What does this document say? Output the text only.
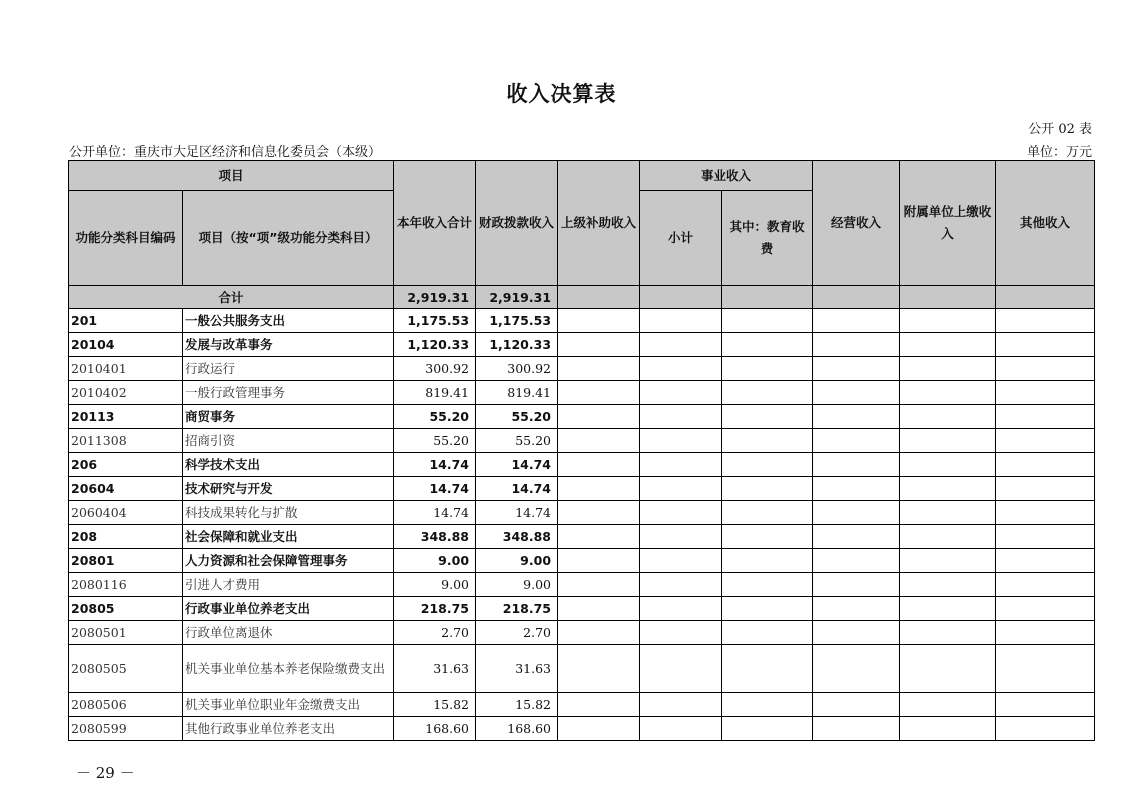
收入决算表
公开 02 表
公开单位：重庆市大足区经济和信息化委员会（本级）	单位：万元
项目		本年收入合计	财政拨款收入	上级补助收入	事业收入		经营收入	附属单位上缴收入	其他收入
功能分类科目编码	项目（按“项”级功能分类科目）				小计	其中：教育收费			
合计		2,919.31	2,919.31						
201	一般公共服务支出	1,175.53	1,175.53						
20104	发展与改革事务	1,120.33	1,120.33						
2010401	行政运行	300.92	300.92						
2010402	一般行政管理事务	819.41	819.41						
20113	商贸事务	55.20	55.20						
2011308	招商引资	55.20	55.20						
206	科学技术支出	14.74	14.74						
20604	技术研究与开发	14.74	14.74						
2060404	科技成果转化与扩散	14.74	14.74						
208	社会保障和就业支出	348.88	348.88						
20801	人力资源和社会保障管理事务	9.00	9.00						
2080116	引进人才费用	9.00	9.00						
20805	行政事业单位养老支出	218.75	218.75						
2080501	行政单位离退休	2.70	2.70						
2080505	机关事业单位基本养老保险缴费支出	31.63	31.63						
2080506	机关事业单位职业年金缴费支出	15.82	15.82						
2080599	其他行政事业单位养老支出	168.60	168.60						
－ 29 －
